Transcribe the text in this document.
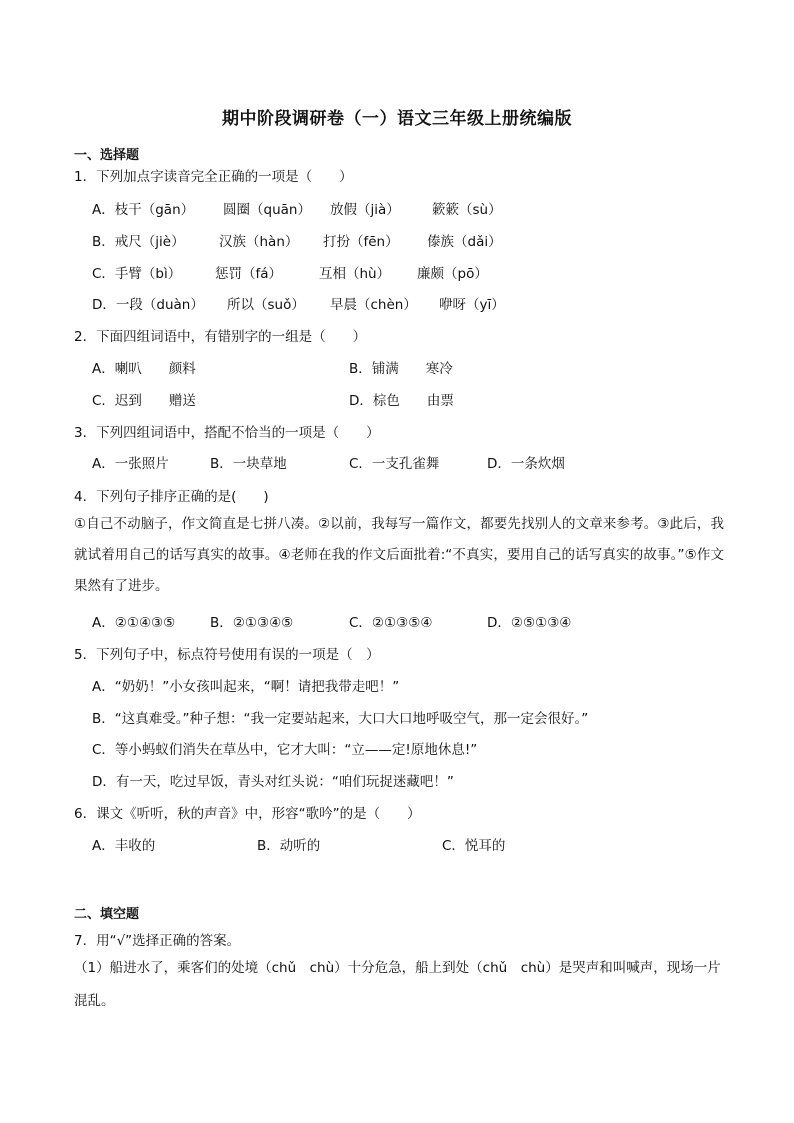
期中阶段调研卷（一）语文三年级上册统编版
一、选择题
1．下列加点字读音完全正确的一项是（　　）
A．枝干（gān） 圆圈（quān） 放假（jià） 簌簌（sù）
B．戒尺（jiè）	汉族（hàn） 打扮（fēn） 傣族（dǎi）
C．手臂（bì）	惩罚（fá）	互相（hù） 廉颇（pō）
D．一段（duàn） 所以（suǒ） 早晨（chèn） 咿呀（yī）
2．下面四组词语中，有错别字的一组是（　　）
A．喇叭　　颜料	B．铺满　　寒冷
C．迟到　　赠送	D．棕色　　由票
3．下列四组词语中，搭配不恰当的一项是（　　）
A．一张照片	B．一块草地	C．一支孔雀舞	D．一条炊烟
4．下列句子排序正确的是(　　)
①自己不动脑子，作文简直是七拼八凑。②以前，我每写一篇作文，都要先找别人的文章来参考。③此后，我就试着用自己的话写真实的故事。④老师在我的作文后面批着:“不真实，要用自己的话写真实的故事。”⑤作文果然有了进步。
A．②①④③⑤	B．②①③④⑤	C．②①③⑤④	D．②⑤①③④
5．下列句子中，标点符号使用有误的一项是（　）
A．“奶奶！”小女孩叫起来，“啊！请把我带走吧！”
B．“这真难受。”种子想：“我一定要站起来，大口大口地呼吸空气，那一定会很好。”
C．等小蚂蚁们消失在草丛中，它才大叫：“立——定!原地休息!”
D．有一天，吃过早饭，青头对红头说：“咱们玩捉迷藏吧！”
6．课文《听听，秋的声音》中，形容“歌吟”的是（　　）
A．丰收的	B．动听的	C．悦耳的
二、填空题
7．用“√”选择正确的答案。
（1）船进水了，乘客们的处境（chǔ　chù）十分危急，船上到处（chǔ　chù）是哭声和叫喊声，现场一片混乱。
